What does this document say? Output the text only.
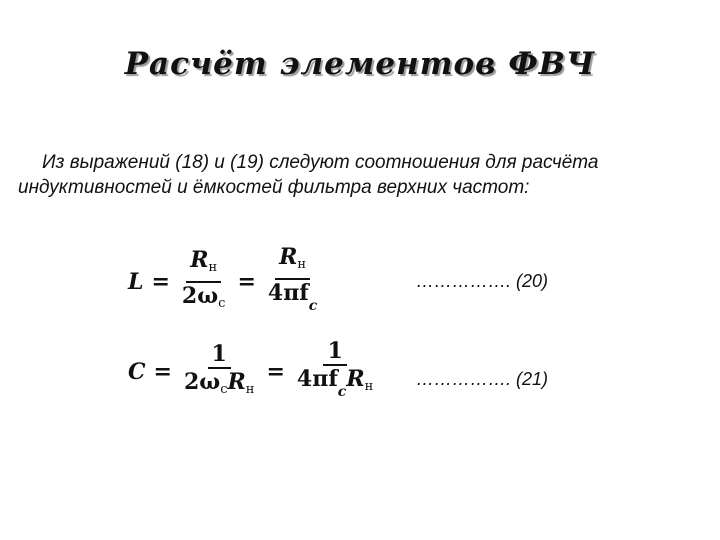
Расчёт элементов ФВЧ
Из выражений (18) и (19) следуют соотношения для расчёта
индуктивностей и ёмкостей фильтра верхних частот:
$L = \frac{R_н}{2\omega_с} = \frac{R_н}{4\pi f_c}$	……………. (20)
$C = \frac{1}{2\omega_сR_н} = \frac{1}{4\pi f_cR_н}$ ……………. (21)
